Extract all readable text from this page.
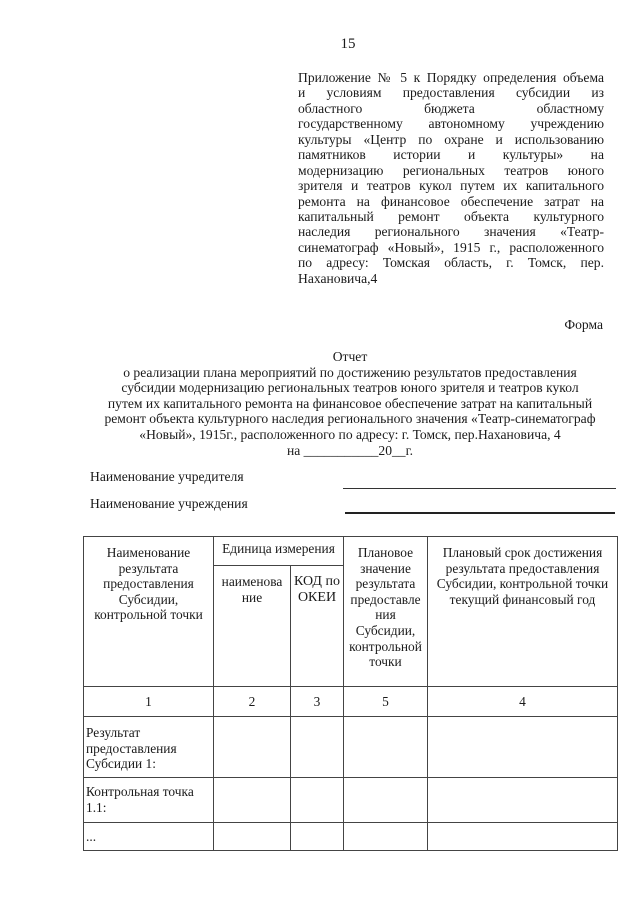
15
Приложение № 5 к Порядку определения объема
и условиям предоставления субсидии из
областного бюджета областному
государственному автономному учреждению
культуры «Центр по охране и использованию
памятников истории и культуры» на
модернизацию региональных театров юного
зрителя и театров кукол путем их капитального
ремонта на финансовое обеспечение затрат на
капитальный ремонт объекта культурного
наследия регионального значения «Театр-
синематограф «Новый», 1915 г., расположенного
по адресу: Томская область, г. Томск, пер.
Нахановича,4
Форма
Отчет
о реализации плана мероприятий по достижению результатов предоставления
субсидии модернизацию региональных театров юного зрителя и театров кукол
путем их капитального ремонта на финансовое обеспечение затрат на капитальный
ремонт объекта культурного наследия регионального значения «Театр-синематограф
«Новый», 1915г., расположенного по адресу: г. Томск, пер.Нахановича, 4
на ___________20__г.
Наименование учредителя
Наименование учреждения
Наименование результата предоставления Субсидии, контрольной точки	Единица измерения		Плановое значение результата предоставле ния Субсидии, контрольной точки	Плановый срок достижения результата предоставления Субсидии, контрольной точки текущий финансовый год
	наименова ние	КОД по ОКЕИ		
1	2	3	5	4
Результат предоставления Субсидии 1:				
Контрольная точка 1.1:				
...				
